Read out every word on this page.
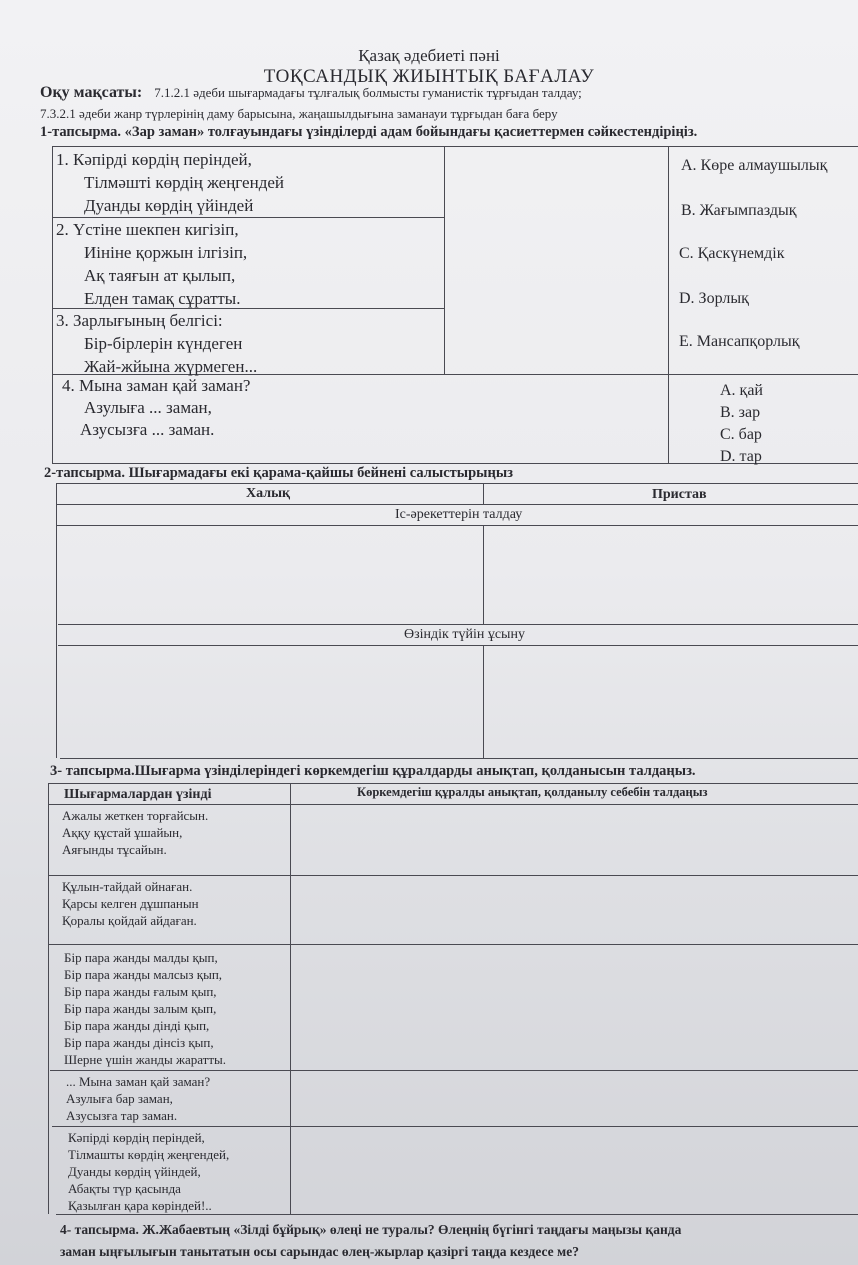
Қазақ әдебиеті пәні
ТОҚСАНДЫҚ ЖИЫНТЫҚ БАҒАЛАУ
Оқу мақсаты: 7.1.2.1 әдеби шығармадағы тұлғалық болмысты гуманистік тұрғыдан талдау;
7.3.2.1 әдеби жанр түрлерінің даму барысына, жаңашылдығына заманауи тұрғыдан баға беру
1-тапсырма. «Зар заман» толғауындағы үзінділерді адам бойындағы қасиеттермен сәйкестендіріңіз.
1. Кәпірді көрдің періндей,
Тілмәшті көрдің жеңгендей
Дуанды көрдің үйіндей
2. Үстіне шекпен кигізіп,
Иініне қоржын ілгізіп,
Ақ таяғын ат қылып,
Елден тамақ сұратты.
3. Зарлығының белгісі:
Бір-бірлерін күндеген
Жай-жйына жүрмеген...
4. Мына заман қай заман?
Азулыға ... заман,
Азусызға ... заман.
А. Көре алмаушылық
В. Жағымпаздық
С. Қаскүнемдік
D. Зорлық
Е. Мансапқорлық
А. қай
В. зар
С. бар
D. тар
2-тапсырма. Шығармадағы екі қарама-қайшы бейнені салыстырыңыз
Халық	Пристав
Іс-әрекеттерін талдау
Өзіндік түйін ұсыну
3- тапсырма.Шығарма үзінділеріндегі көркемдегіш құралдарды анықтап, қолданысын талдаңыз.
Шығармалардан үзінді	Көркемдегіш құралды анықтап, қолданылу себебін талдаңыз
Ажалы жеткен торғайсын.
Аққу құстай ұшайын,
Аяғынды тұсайын.
Құлын-тайдай ойнаған.
Қарсы келген дұшпанын
Қоралы қойдай айдаған.
Бір пара жанды малды қып,
Бір пара жанды малсыз қып,
Бір пара жанды ғалым қып,
Бір пара жанды залым қып,
Бір пара жанды дінді қып,
Бір пара жанды дінсіз қып,
Шерне үшін жанды жаратты.
... Мына заман қай заман?
Азулыға бар заман,
Азусызға тар заман.
Кәпірді көрдің періндей,
Тілмашты көрдің жеңгендей,
Дуанды көрдің үйіндей,
Абақты түр қасында
Қазылған қара көріндей!..
4- тапсырма. Ж.Жабаевтың «Зілді бұйрық» өлеңі не туралы? Өлеңнің бүгінгі таңдағы маңызы қанда
заман ыңғылығын танытатын осы сарындас өлең-жырлар қазіргі таңда кездесе ме?
